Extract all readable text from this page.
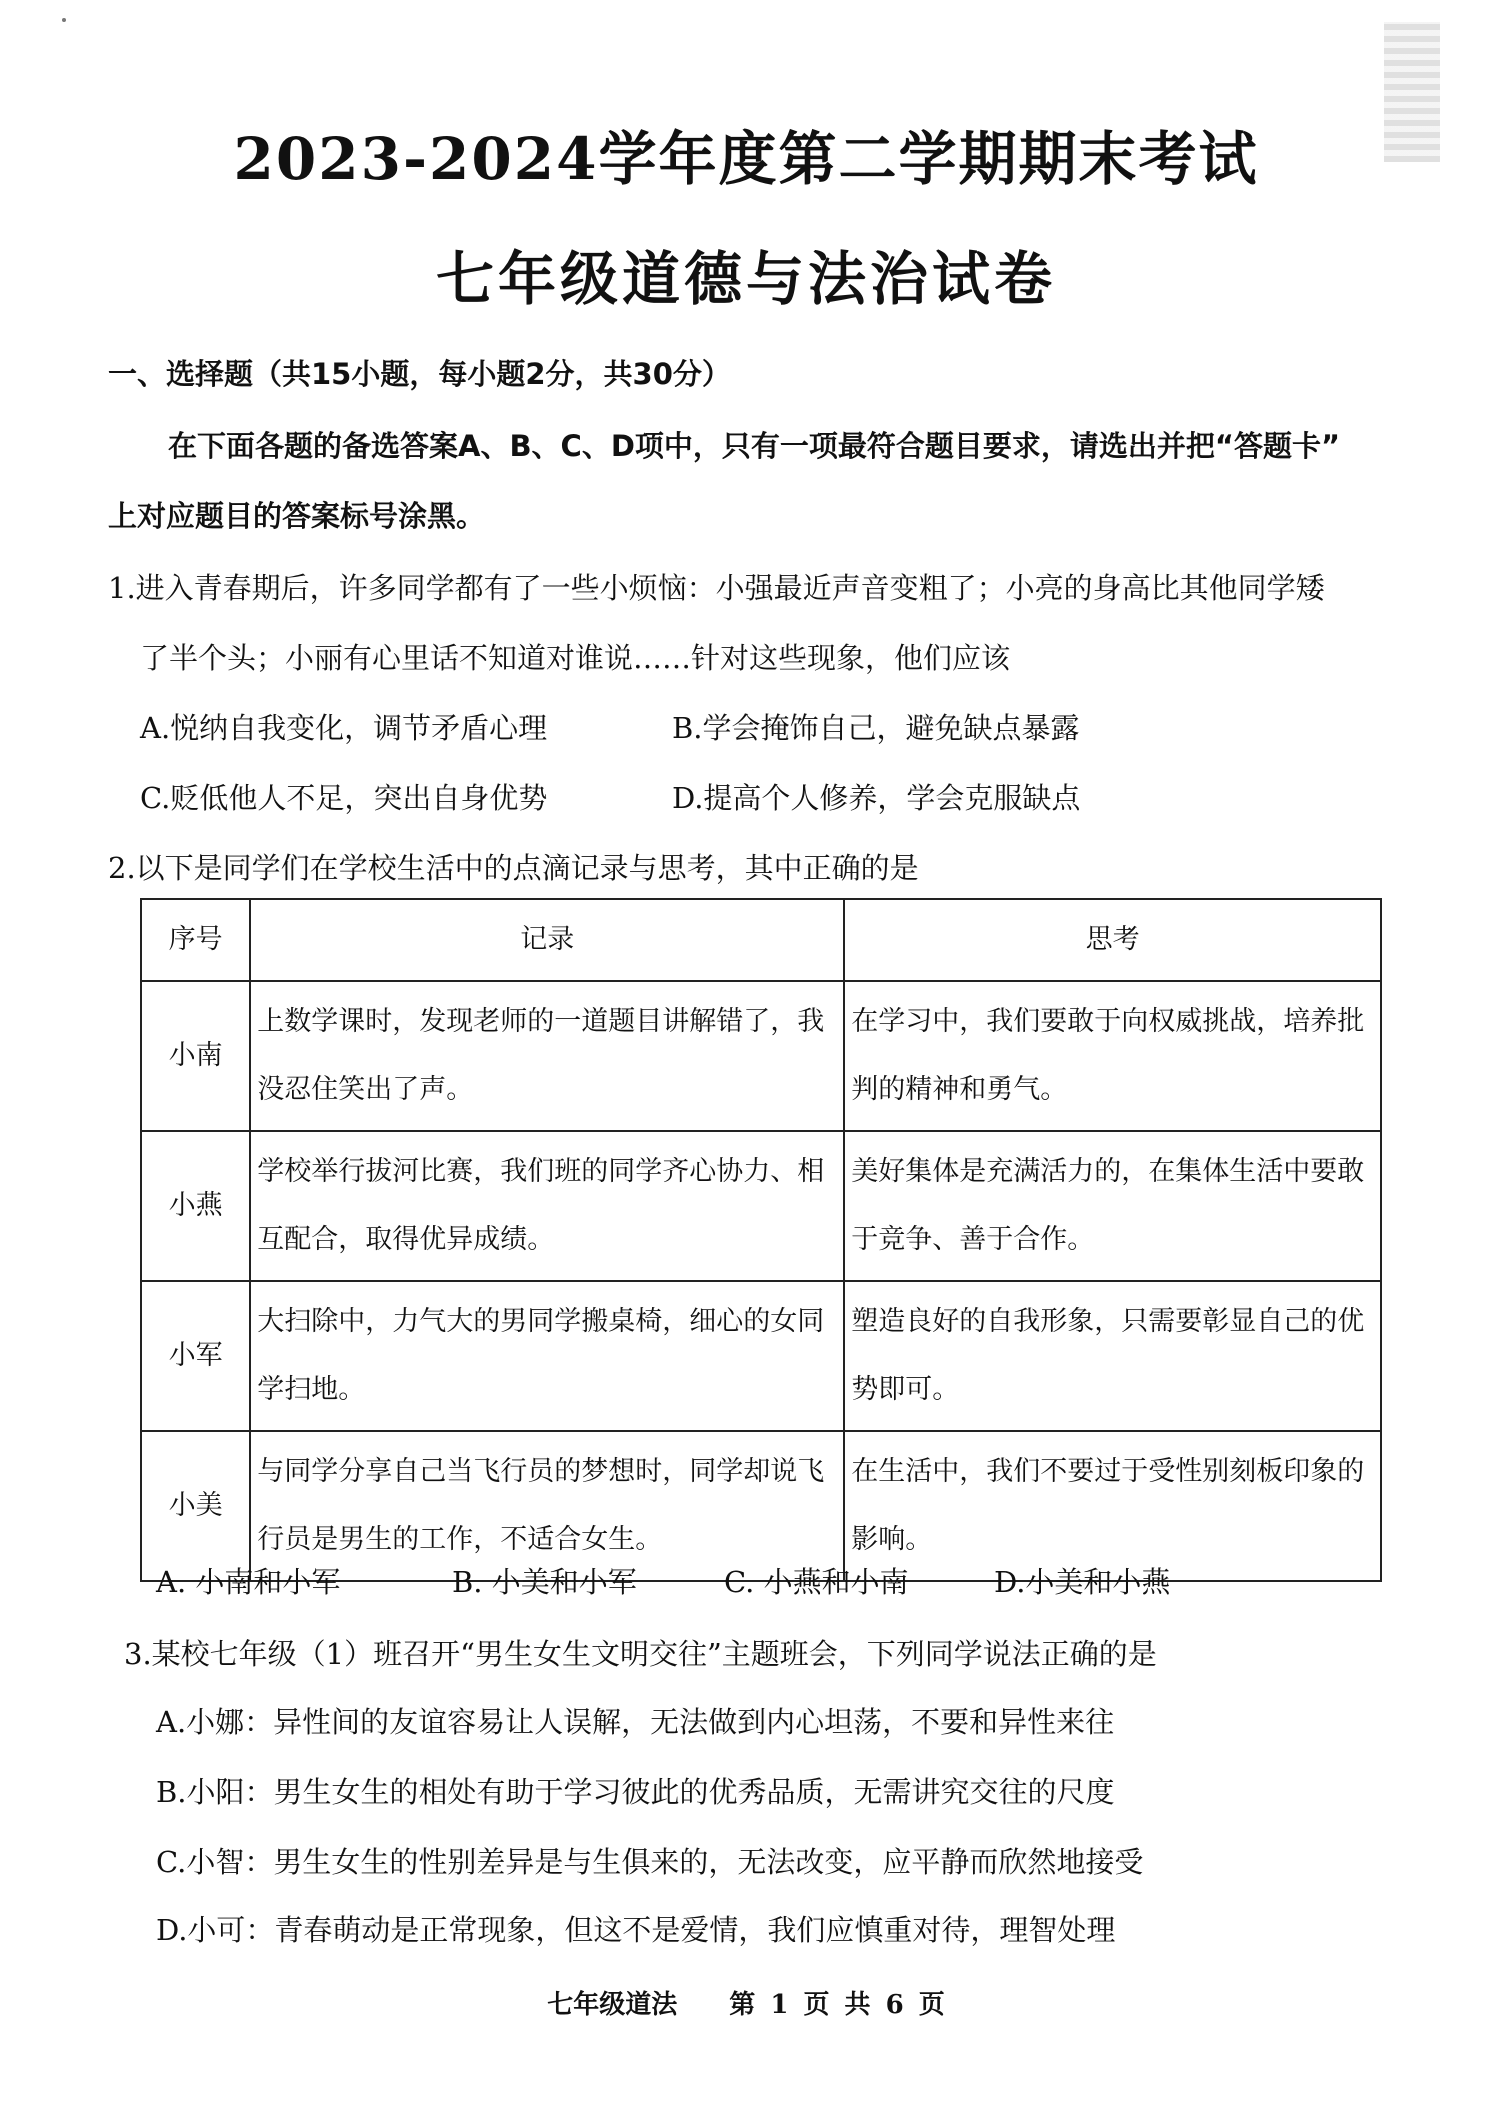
2023-2024学年度第二学期期末考试
七年级道德与法治试卷
一、选择题（共15小题，每小题2分，共30分）
在下面各题的备选答案A、B、C、D项中，只有一项最符合题目要求，请选出并把“答题卡”
上对应题目的答案标号涂黑。
1.进入青春期后，许多同学都有了一些小烦恼：小强最近声音变粗了；小亮的身高比其他同学矮
了半个头；小丽有心里话不知道对谁说……针对这些现象，他们应该
A.悦纳自我变化，调节矛盾心理	B.学会掩饰自己，避免缺点暴露
C.贬低他人不足，突出自身优势	D.提高个人修养，学会克服缺点
2.以下是同学们在学校生活中的点滴记录与思考，其中正确的是
序号	记录	思考
小南	上数学课时，发现老师的一道题目讲解错了，我没忍住笑出了声。	在学习中，我们要敢于向权威挑战，培养批判的精神和勇气。
小燕	学校举行拔河比赛，我们班的同学齐心协力、相互配合，取得优异成绩。	美好集体是充满活力的，在集体生活中要敢于竞争、善于合作。
小军	大扫除中，力气大的男同学搬桌椅，细心的女同学扫地。	塑造良好的自我形象，只需要彰显自己的优势即可。
小美	与同学分享自己当飞行员的梦想时，同学却说飞行员是男生的工作，不适合女生。	在生活中，我们不要过于受性别刻板印象的影响。
A. 小南和小军	B. 小美和小军	C. 小燕和小南	D.小美和小燕
3.某校七年级（1）班召开“男生女生文明交往”主题班会，下列同学说法正确的是
A.小娜：异性间的友谊容易让人误解，无法做到内心坦荡，不要和异性来往
B.小阳：男生女生的相处有助于学习彼此的优秀品质，无需讲究交往的尺度
C.小智：男生女生的性别差异是与生俱来的，无法改变，应平静而欣然地接受
D.小可：青春萌动是正常现象，但这不是爱情，我们应慎重对待，理智处理
七年级道法　　第 1 页 共 6 页
